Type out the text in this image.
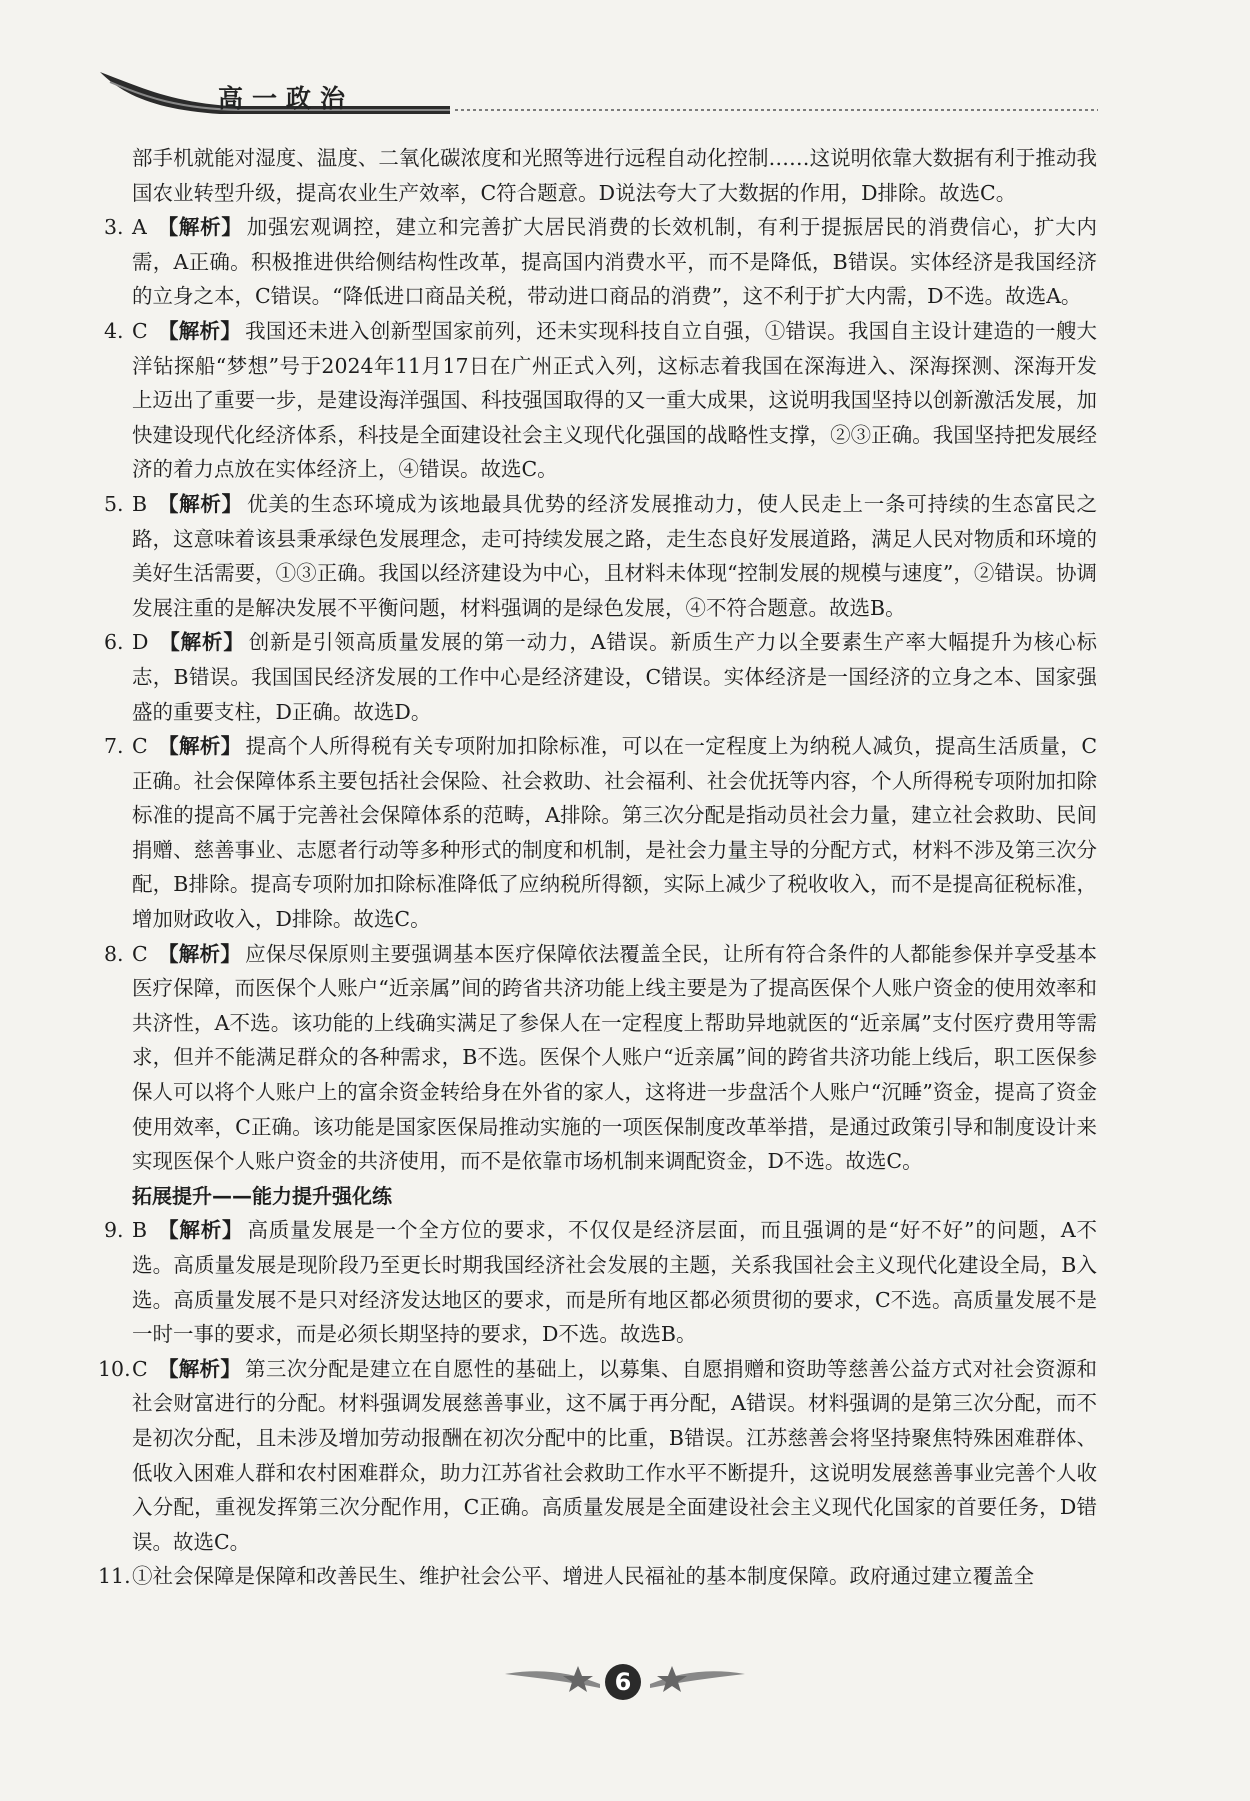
高一政治

部手机就能对湿度、温度、二氧化碳浓度和光照等进行远程自动化控制……这说明依靠大数据有利于推动我国农业转型升级，提高农业生产效率，C符合题意。D说法夸大了大数据的作用，D排除。故选C。

3. A 【解析】 加强宏观调控，建立和完善扩大居民消费的长效机制，有利于提振居民的消费信心，扩大内需，A正确。积极推进供给侧结构性改革，提高国内消费水平，而不是降低，B错误。实体经济是我国经济的立身之本，C错误。“降低进口商品关税，带动进口商品的消费”，这不利于扩大内需，D不选。故选A。

4. C 【解析】 我国还未进入创新型国家前列，还未实现科技自立自强，①错误。我国自主设计建造的一艘大洋钻探船“梦想”号于2024年11月17日在广州正式入列，这标志着我国在深海进入、深海探测、深海开发上迈出了重要一步，是建设海洋强国、科技强国取得的又一重大成果，这说明我国坚持以创新激活发展，加快建设现代化经济体系，科技是全面建设社会主义现代化强国的战略性支撑，②③正确。我国坚持把发展经济的着力点放在实体经济上，④错误。故选C。

5. B 【解析】 优美的生态环境成为该地最具优势的经济发展推动力，使人民走上一条可持续的生态富民之路，这意味着该县秉承绿色发展理念，走可持续发展之路，走生态良好发展道路，满足人民对物质和环境的美好生活需要，①③正确。我国以经济建设为中心，且材料未体现“控制发展的规模与速度”，②错误。协调发展注重的是解决发展不平衡问题，材料强调的是绿色发展，④不符合题意。故选B。

6. D 【解析】 创新是引领高质量发展的第一动力，A错误。新质生产力以全要素生产率大幅提升为核心标志，B错误。我国国民经济发展的工作中心是经济建设，C错误。实体经济是一国经济的立身之本、国家强盛的重要支柱，D正确。故选D。

7. C 【解析】 提高个人所得税有关专项附加扣除标准，可以在一定程度上为纳税人减负，提高生活质量，C正确。社会保障体系主要包括社会保险、社会救助、社会福利、社会优抚等内容，个人所得税专项附加扣除标准的提高不属于完善社会保障体系的范畴，A排除。第三次分配是指动员社会力量，建立社会救助、民间捐赠、慈善事业、志愿者行动等多种形式的制度和机制，是社会力量主导的分配方式，材料不涉及第三次分配，B排除。提高专项附加扣除标准降低了应纳税所得额，实际上减少了税收收入，而不是提高征税标准，增加财政收入，D排除。故选C。

8. C 【解析】 应保尽保原则主要强调基本医疗保障依法覆盖全民，让所有符合条件的人都能参保并享受基本医疗保障，而医保个人账户“近亲属”间的跨省共济功能上线主要是为了提高医保个人账户资金的使用效率和共济性，A不选。该功能的上线确实满足了参保人在一定程度上帮助异地就医的“近亲属”支付医疗费用等需求，但并不能满足群众的各种需求，B不选。医保个人账户“近亲属”间的跨省共济功能上线后，职工医保参保人可以将个人账户上的富余资金转给身在外省的家人，这将进一步盘活个人账户“沉睡”资金，提高了资金使用效率，C正确。该功能是国家医保局推动实施的一项医保制度改革举措，是通过政策引导和制度设计来实现医保个人账户资金的共济使用，而不是依靠市场机制来调配资金，D不选。故选C。

拓展提升——能力提升强化练

9. B 【解析】 高质量发展是一个全方位的要求，不仅仅是经济层面，而且强调的是“好不好”的问题，A不选。高质量发展是现阶段乃至更长时期我国经济社会发展的主题，关系我国社会主义现代化建设全局，B入选。高质量发展不是只对经济发达地区的要求，而是所有地区都必须贯彻的要求，C不选。高质量发展不是一时一事的要求，而是必须长期坚持的要求，D不选。故选B。

10. C 【解析】 第三次分配是建立在自愿性的基础上，以募集、自愿捐赠和资助等慈善公益方式对社会资源和社会财富进行的分配。材料强调发展慈善事业，这不属于再分配，A错误。材料强调的是第三次分配，而不是初次分配，且未涉及增加劳动报酬在初次分配中的比重，B错误。江苏慈善会将坚持聚焦特殊困难群体、低收入困难人群和农村困难群众，助力江苏省社会救助工作水平不断提升，这说明发展慈善事业完善个人收入分配，重视发挥第三次分配作用，C正确。高质量发展是全面建设社会主义现代化国家的首要任务，D错误。故选C。

11. ①社会保障是保障和改善民生、维护社会公平、增进人民福祉的基本制度保障。政府通过建立覆盖全

6
